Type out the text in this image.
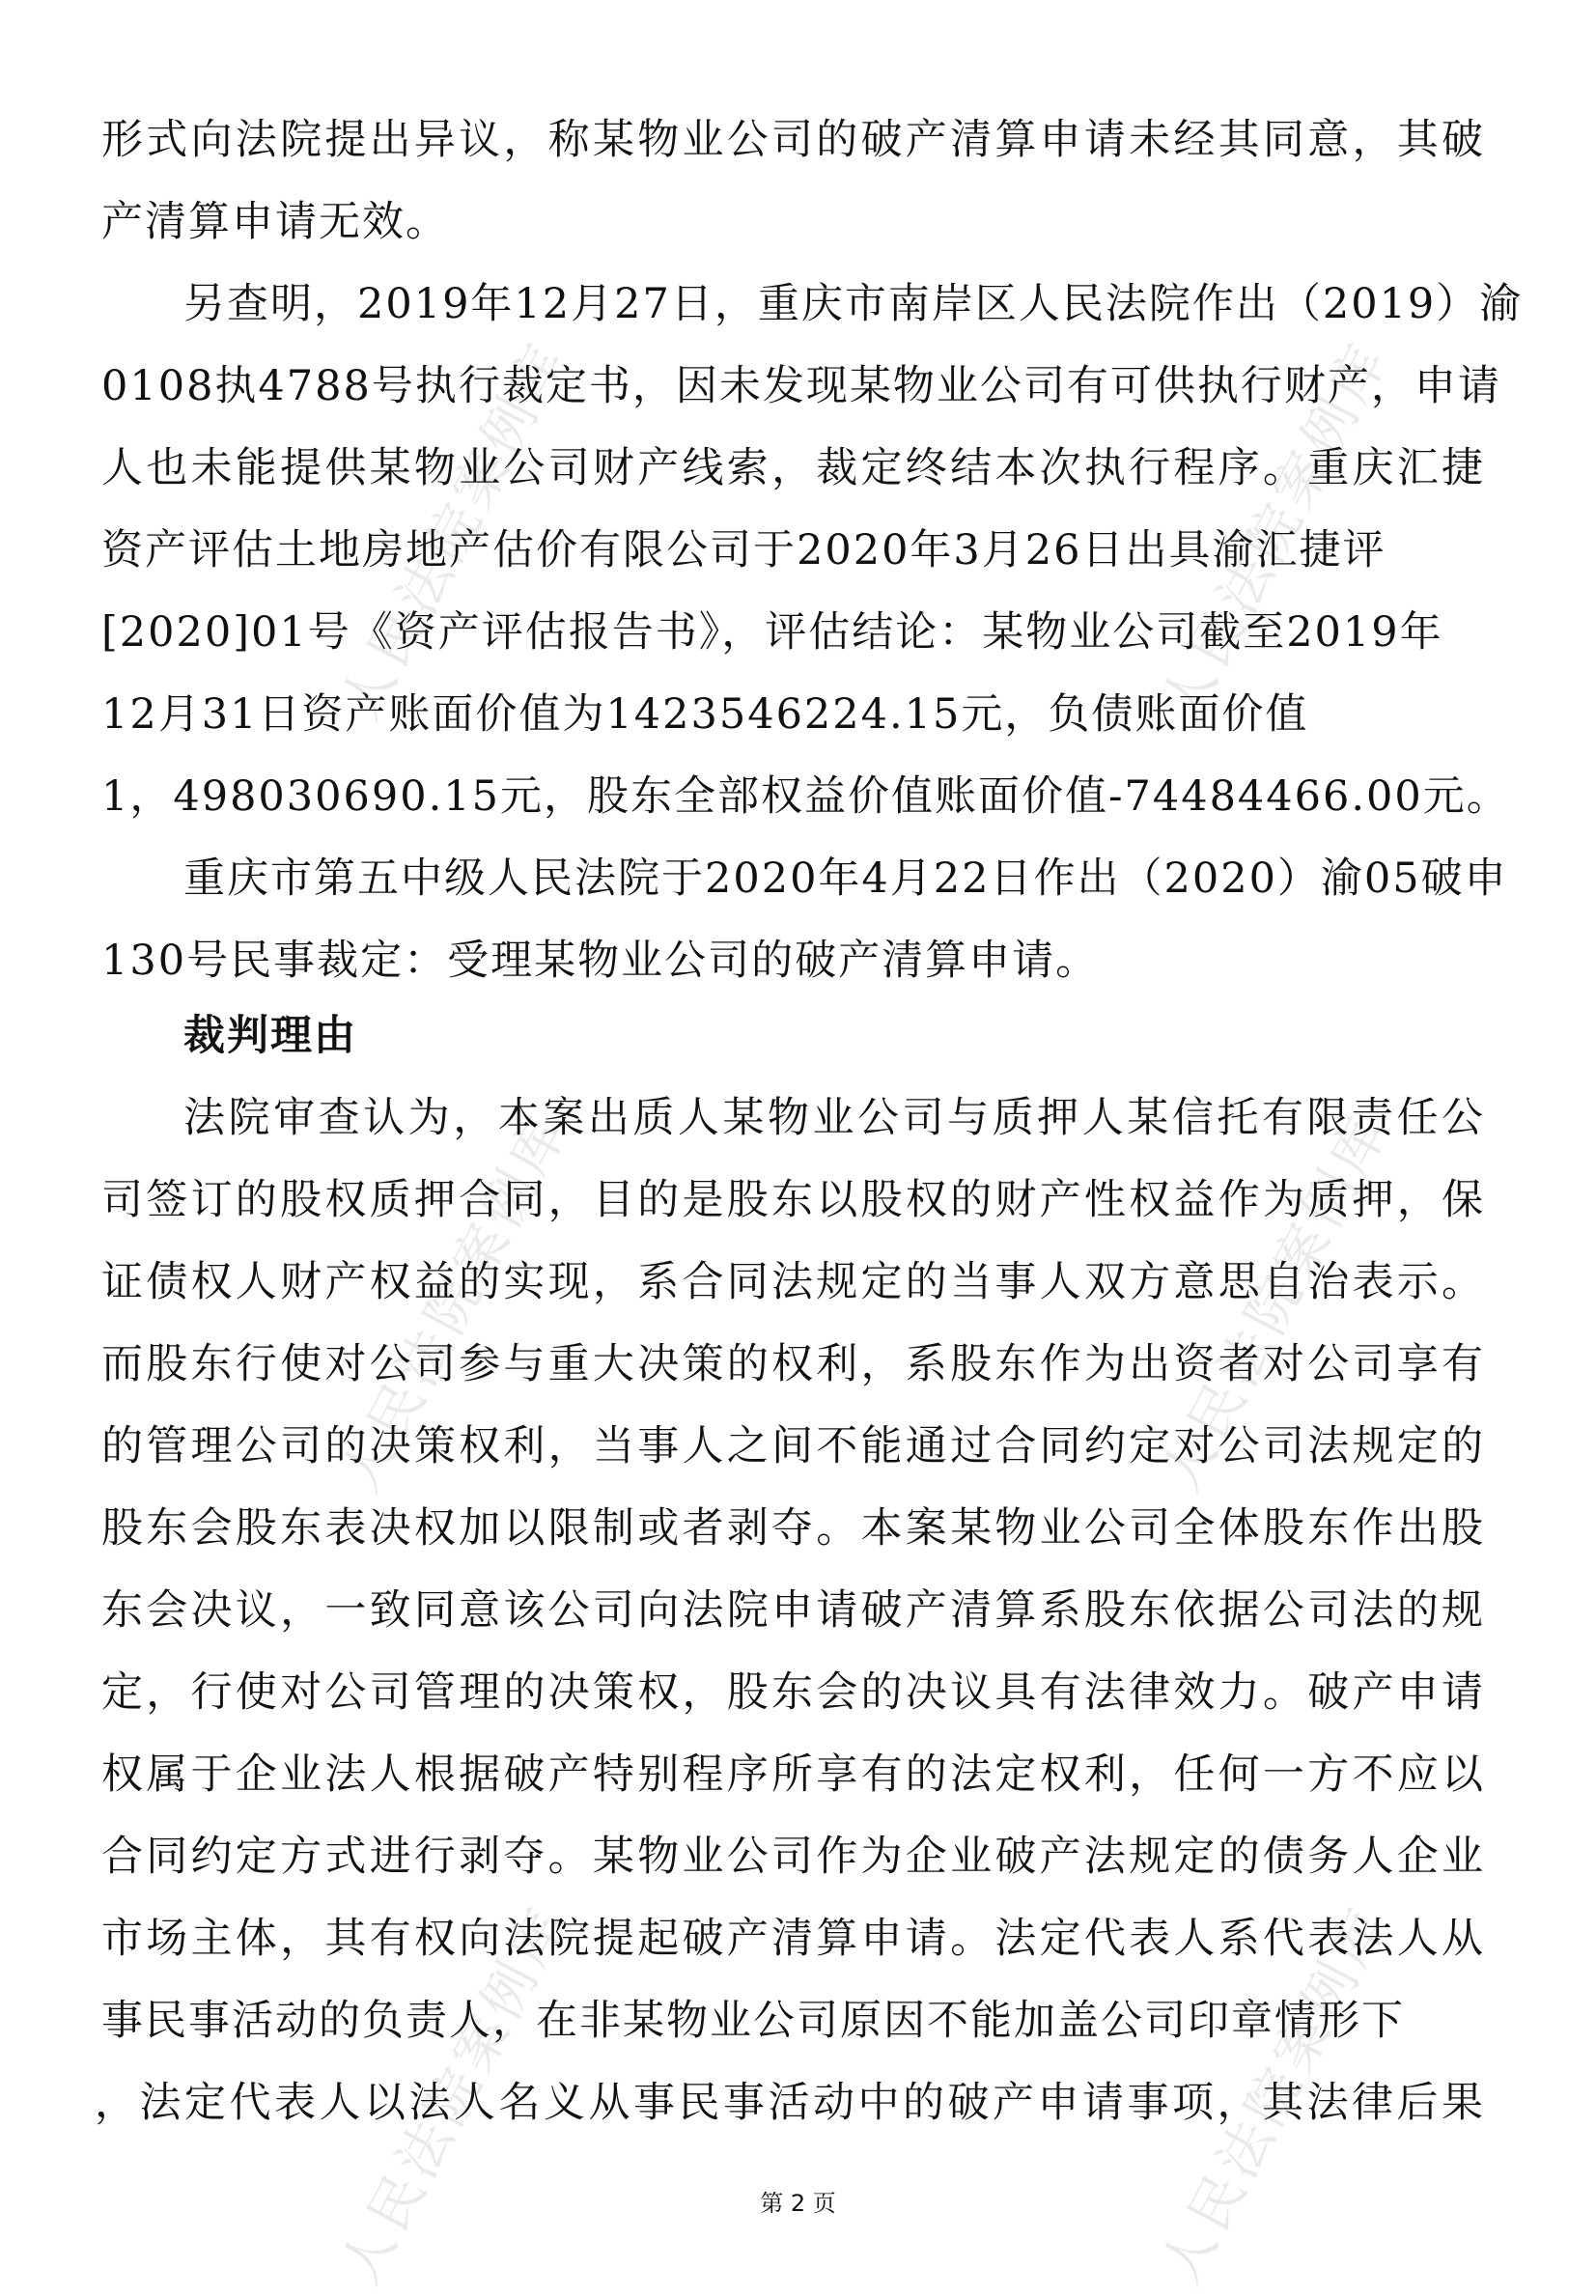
人民法院案例库	人民法院案例库
人民法院案例库	人民法院案例库
人民法院案例库	人民法院案例库
形式向法院提出异议，称某物业公司的破产清算申请未经其同意，其破
产清算申请无效。
另查明，2019年12月27日，重庆市南岸区人民法院作出（2019）渝
0108执4788号执行裁定书，因未发现某物业公司有可供执行财产，申请
人也未能提供某物业公司财产线索，裁定终结本次执行程序。重庆汇捷
资产评估土地房地产估价有限公司于2020年3月26日出具渝汇捷评
[2020]01号《资产评估报告书》，评估结论：某物业公司截至2019年
12月31日资产账面价值为1423546224.15元，负债账面价值
1，498030690.15元，股东全部权益价值账面价值-74484466.00元。
重庆市第五中级人民法院于2020年4月22日作出（2020）渝05破申
130号民事裁定：受理某物业公司的破产清算申请。
裁判理由
法院审查认为，本案出质人某物业公司与质押人某信托有限责任公
司签订的股权质押合同，目的是股东以股权的财产性权益作为质押，保
证债权人财产权益的实现，系合同法规定的当事人双方意思自治表示。
而股东行使对公司参与重大决策的权利，系股东作为出资者对公司享有
的管理公司的决策权利，当事人之间不能通过合同约定对公司法规定的
股东会股东表决权加以限制或者剥夺。本案某物业公司全体股东作出股
东会决议，一致同意该公司向法院申请破产清算系股东依据公司法的规
定，行使对公司管理的决策权，股东会的决议具有法律效力。破产申请
权属于企业法人根据破产特别程序所享有的法定权利，任何一方不应以
合同约定方式进行剥夺。某物业公司作为企业破产法规定的债务人企业
市场主体，其有权向法院提起破产清算申请。法定代表人系代表法人从
事民事活动的负责人，在非某物业公司原因不能加盖公司印章情形下
，法定代表人以法人名义从事民事活动中的破产申请事项，其法律后果
第 2 页
